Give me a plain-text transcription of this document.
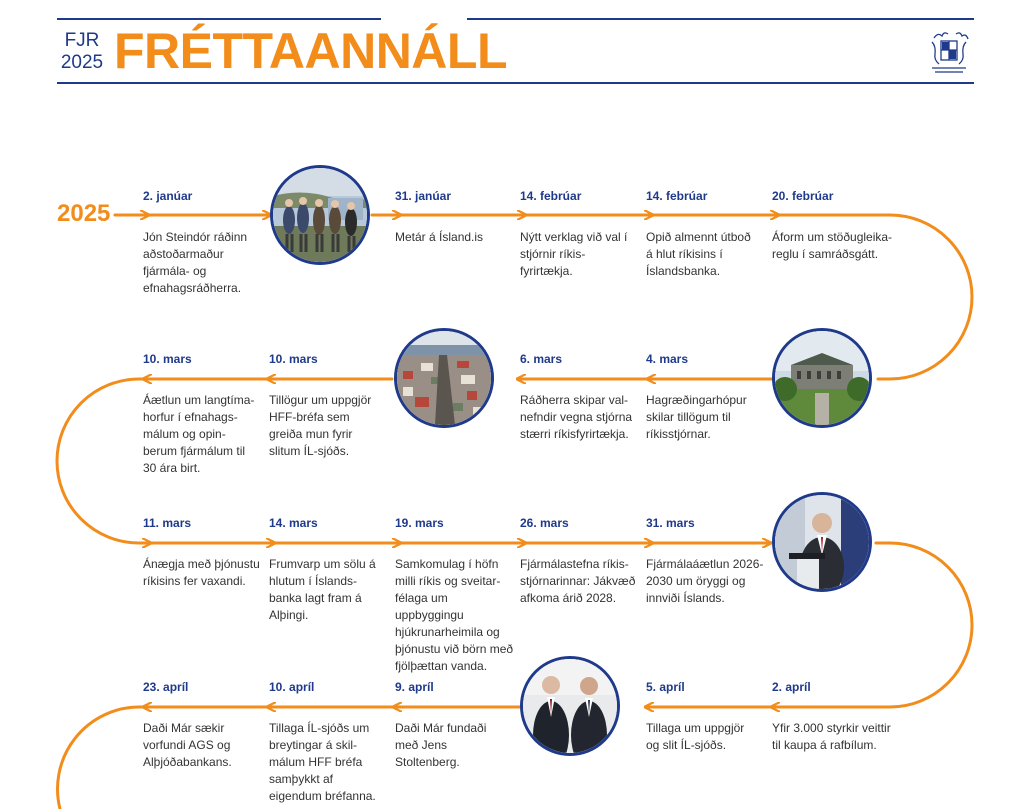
FJR
2025 FRÉTTAANNÁLL
2025
2. janúar
Jón Steindór ráðinn aðstoðarmaður fjármála- og efnahagsráðherra.
31. janúar
Metár á Ísland.is
14. febrúar
Nýtt verklag við val í stjórnir ríkis- fyrirtækja.
14. febrúar
Opið almennt útboð á hlut ríkisins í Íslandsbanka.
20. febrúar
Áform um stöðugleika- reglu í samráðsgátt.
10. mars
Áætlun um langtíma- horfur í efnahags- málum og opin- berum fjármálum til 30 ára birt.
10. mars
Tillögur um uppgjör HFF-bréfa sem greiða mun fyrir slitum ÍL-sjóðs.
6. mars
Ráðherra skipar val- nefndir vegna stjórna stærri ríkisfyrirtækja.
4. mars
Hagræðingarhópur skilar tillögum til ríkisstjórnar.
11. mars
Ánægja með þjónustu ríkisins fer vaxandi.
14. mars
Frumvarp um sölu á hlutum í Íslands- banka lagt fram á Alþingi.
19. mars
Samkomulag í höfn milli ríkis og sveitar- félaga um uppbyggingu hjúkrunarheimila og þjónustu við börn með fjölþættan vanda.
26. mars
Fjármálastefna ríkis- stjórnarinnar: Jákvæð afkoma árið 2028.
31. mars
Fjármálaáætlun 2026-2030 um öryggi og innviði Íslands.
23. apríl
Daði Már sækir vorfundi AGS og Alþjóðabankans.
10. apríl
Tillaga ÍL-sjóðs um breytingar á skil- málum HFF bréfa samþykkt af eigendum bréfanna.
9. apríl
Daði Már fundaði með Jens Stoltenberg.
5. apríl
Tillaga um uppgjör og slit ÍL-sjóðs.
2. apríl
Yfir 3.000 styrkir veittir til kaupa á rafbílum.
